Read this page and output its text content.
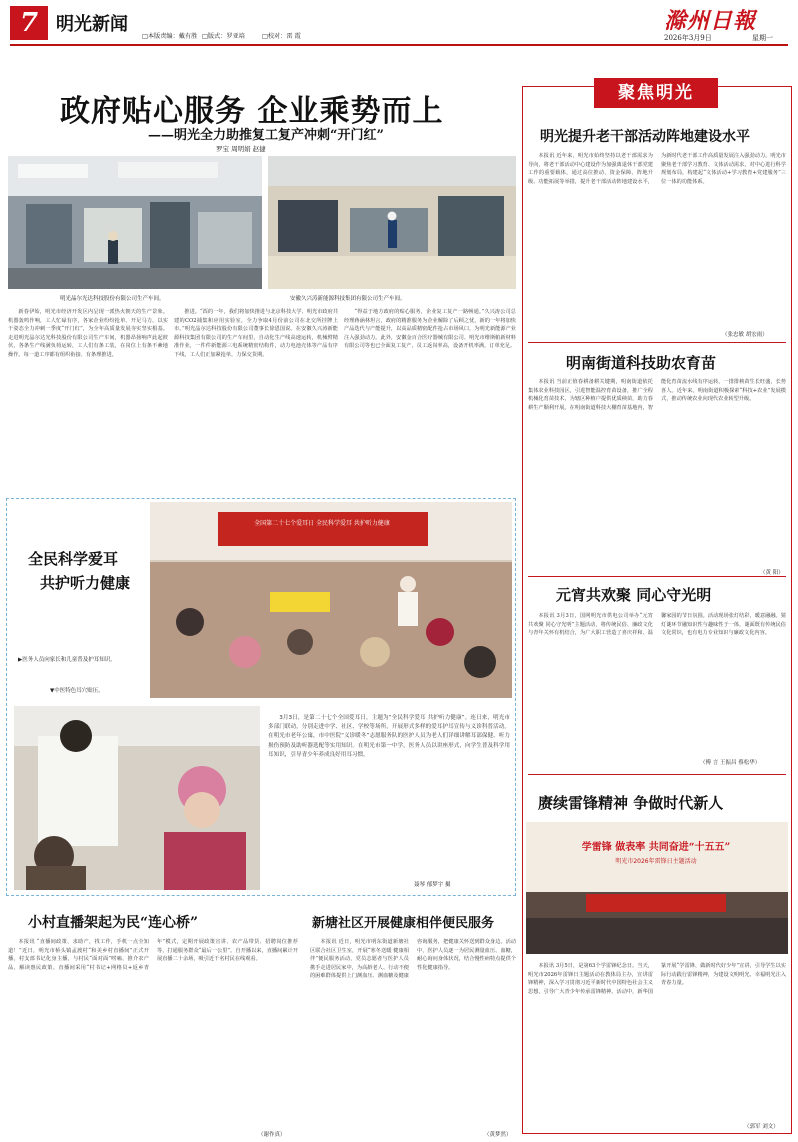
7 明光新闻
□本版责编：戴有胜 □版式：罗亚培	□校对：雷 霞
滁州日報
2026年3月9日	星期一
政府贴心服务 企业乘势而上
——明光全力助推复工复产冲刺“开门红”
罗宝 周明娟 赵捷
明光晶尔光达科技股份有限公司生产车间。	安徽久兴涛新能源科技集团有限公司生产车间。

新春伊始，明光市经济开发区内呈现一派热火朝天的生产景象。机器轰鸣作响，工人忙碌有序，各家企业纷纷抢单、开足马力，以实干姿态全力冲刺一季度“开门红”，为全年高质量发展夯实坚实根基。走进明光晶尔达光科技股份有限公司生产车间，机器昂扬响声此起彼伏，各条生产线满负荷运转，工人们有条工装，在岗位上有条不紊地操作。每一道工序都有组织衔接、有条理推进。

推进。“酉的一年，我们将加快推进与北京科技大学、明光市政府共建的CO2捕集和应用实验室，全力争取4月份前公司在北交所挂牌上市。”明光晶尔达科技股份有限公司董事长徐恩国说。在安徽久兴涛新能源科技集团有限公司的生产车间里，自动化生产线高速运转，机械臂精准作业，一件件新能源三电系统精密结构件，动力电池壳体等产品有序下线，工人们正加紧抢单，力保交货期。

“得益于地方政府的贴心服务，企业复工复产一路畅通。”久兴涛公司总经理蒋涵林坦言，政府的精准服务为企业解除了后顾之忧，新的一年将加快产品迭代与产能提升，以高品质精密配件抢占市场风口，为明光新能源产业注入强劲动力。此外，安徽金百合医疗器械有限公司、明光市维斯帕新材料有限公司等也已全面复工复产，员工返岗率高，设备开机率满，订单充足。

全国第二十七个爱耳日 全民科学爱耳 共护听力健康
全民科学爱耳
共护听力健康
▶医务人员向家长和儿童普及护耳知识。
▼中医特色耳穴贴压。

3月3日，是第二十七个全国爱耳日，主题为“全民科学爱耳 共护听力健康”。连日来，明光市多部门联动，分别走进中学、社区、学校等场所，开展形式多样的爱耳护耳宣传与义诊科普活动。在明光市老年公寓，市中医院“义诊暖冬”志愿服务队的医护人员为老人们详细讲解耳部保健、听力损伤预防及助听器选配等实用知识。在明光市第一中学，医务人员以讲座形式，向学生普及科学用耳知识，引导青少年养成良好用耳习惯。

聂琴 郁梦宇 摄
小村直播架起为民“连心桥”

本报讯 “直播间政策、求助产，找工作，手机一点全知道！”近日，明光市桥头镇孟渡村“和美乡村直播间”正式开播，村支部书记化身主播，与村民“面对面”唠嗑、推介农产品、解读惠民政策。直播间采用“村书记+网格员+返乡青年”模式，定期开展政策宣讲、农产品带货、招聘岗位推荐等，打通服务群众“最后一公里”。自开播以来，直播间累计开展直播二十余场，吸引近千名村民在线观看。

（谢作真）
新塘社区开展健康相伴便民服务

本报讯 近日，明光市明东街道新塘社区联合社区卫生室，开展“寒冬送暖 健康相伴”便民服务活动，党员志愿者与医护人员携手走进居民家中，为高龄老人、行动不便的困难群体提供上门测血压、测血糖及健康咨询服务，把健康关怀送到群众身边。活动中，医护人员逐一为居民测量血压、血糖，耐心询问身体状况，结合慢性病特点提供个性化健康指导。

（黄梦然）
聚焦明光
明光提升老干部活动阵地建设水平

本报讯 近年来，明光市始终坚持以老干部需求为导向，将老干部活动中心建设作为加强离退休干部党建工作的重要载体，通过高位推动、资金保障、阵地升级、功能拓展等举措，提升老干部活动阵地建设水平，为新时代老干部工作高质量发展注入强劲动力。明光市聚焦老干部学习教育、文体活动需求，对中心进行科学规划布局，构建起“文体活动+学习教育+党建服务”三位一体的功能体系。

（张忠敏 胡宏雨）
明南街道科技助农育苗

本报讯 当前正值春耕备耕关键期，明南街道依托集体农业科技园区，引进智能温控育苗设备，推广全程机械化育苗技术，为辖区种植户提供优质秧苗，助力春耕生产顺利开展。在明南街道科技大棚育苗基地内，智能化育苗流水线有序运转，一排排秧苗生长旺盛，长势喜人。近年来，明南街道积极探索“科技+农业”发展模式，推动传统农业向现代农业转型升级。

（黄 阳）
元宵共欢聚 同心守光明

本报讯 3月3日，国网明光市供电公司举办“元宵共欢聚 同心守光明”主题活动，将传统民俗、廉政文化与青年关怀有机结合，为广大职工营造了喜庆祥和、温馨家园的节日氛围。活动现场张灯结彩，暖意融融。猜灯谜环节融知识性与趣味性于一体，谜面既有传统民俗文化常识，也有电力专业知识与廉政文化内容。

（傅 言 王振昌 蔡松华）
赓续雷锋精神 争做时代新人
学雷锋 做表率 共同奋进“十五五”
明光市2026年雷锋日主题活动

本报讯 3月5日，是第63个学雷锋纪念日。当天，明光市2026年雷锋日主题活动在教体局主办，宣讲雷锋精神，深入学习贯彻习近平新时代中国特色社会主义思想，引导广大青少年传承雷锋精神。活动中，新华国篆开展“学雷锋、做新时代好少年”宣讲，引导学生以实际行动践行雷锋精神，为建设文明明光、幸福明光注入青春力量。

（郭军 刘文）
